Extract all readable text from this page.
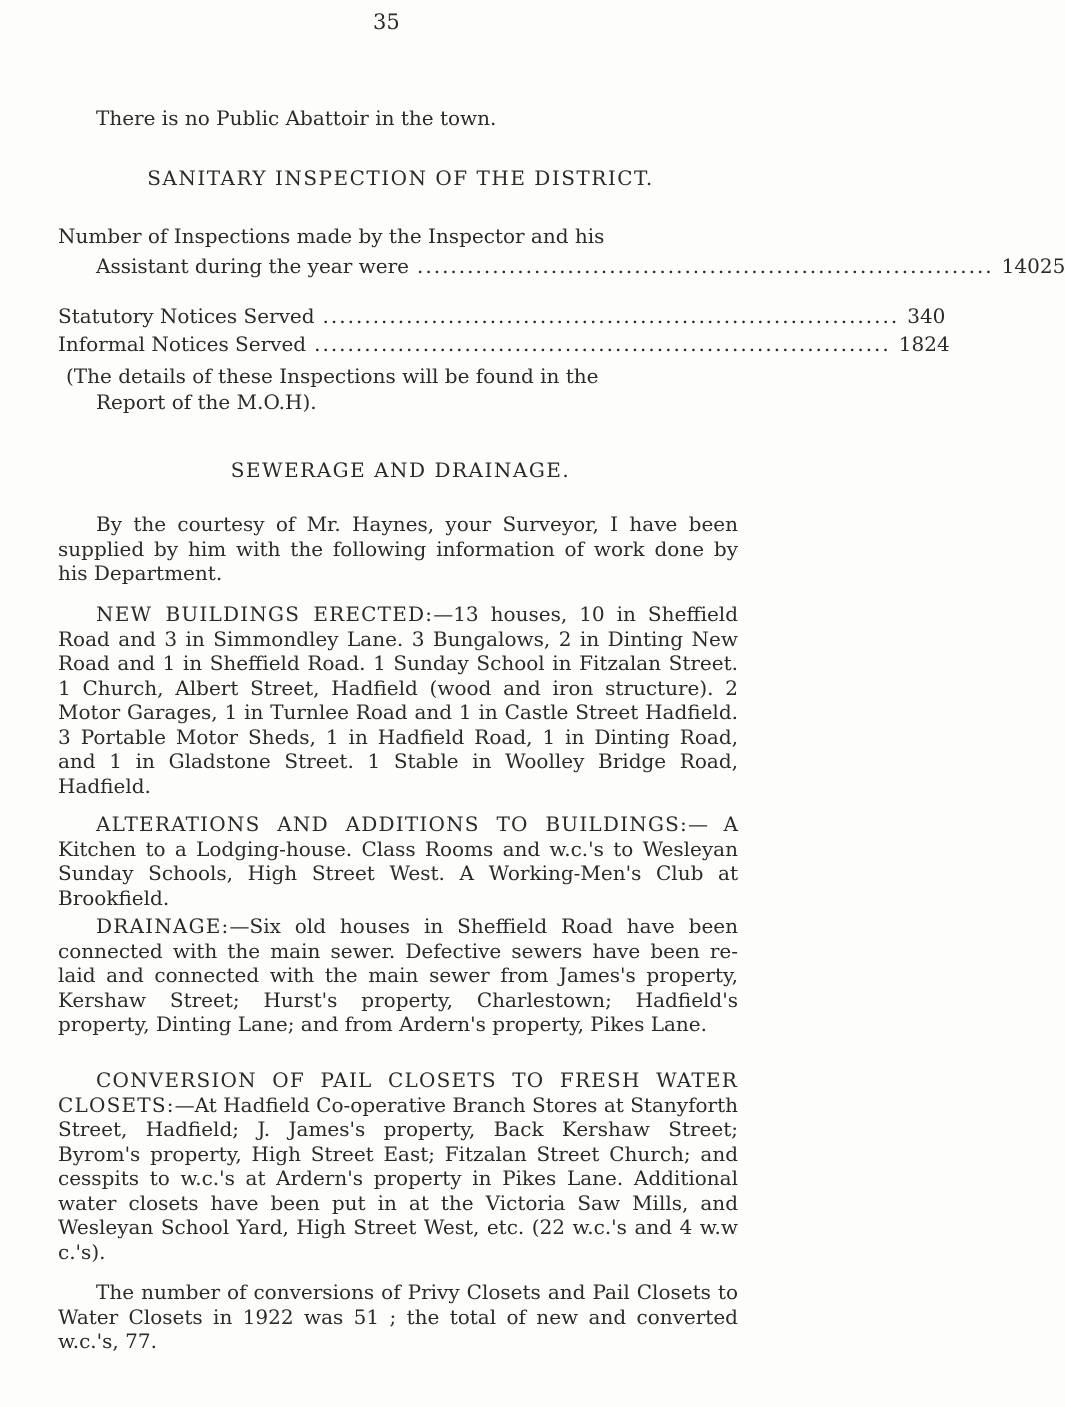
35
There is no Public Abattoir in the town.
SANITARY INSPECTION OF THE DISTRICT.
Number of Inspections made by the Inspector and his
Assistant during the year were ..................................................................... 14025
Statutory Notices Served ..................................................................... 340
Informal Notices Served ..................................................................... 1824
(The details of these Inspections will be found in the
Report of the M.O.H).
SEWERAGE AND DRAINAGE.
By the courtesy of Mr. Haynes, your Surveyor, I have been supplied by him with the following information of work done by his Department.
NEW BUILDINGS ERECTED:—13 houses, 10 in Sheffield Road and 3 in Simmondley Lane. 3 Bungalows, 2 in Dinting New Road and 1 in Sheffield Road. 1 Sunday School in Fitzalan Street. 1 Church, Albert Street, Hadfield (wood and iron structure). 2 Motor Garages, 1 in Turnlee Road and 1 in Castle Street Hadfield. 3 Portable Motor Sheds, 1 in Hadfield Road, 1 in Dinting Road, and 1 in Gladstone Street. 1 Stable in Woolley Bridge Road, Hadfield.
ALTERATIONS AND ADDITIONS TO BUILDINGS:— A Kitchen to a Lodging-house. Class Rooms and w.c.'s to Wesleyan Sunday Schools, High Street West. A Working-Men's Club at Brookfield.
DRAINAGE:—Six old houses in Sheffield Road have been connected with the main sewer. Defective sewers have been re-laid and connected with the main sewer from James's property, Kershaw Street; Hurst's property, Charlestown; Hadfield's property, Dinting Lane; and from Ardern's property, Pikes Lane.
CONVERSION OF PAIL CLOSETS TO FRESH WATER CLOSETS:—At Hadfield Co-operative Branch Stores at Stanyforth Street, Hadfield; J. James's property, Back Kershaw Street; Byrom's property, High Street East; Fitzalan Street Church; and cesspits to w.c.'s at Ardern's property in Pikes Lane. Additional water closets have been put in at the Victoria Saw Mills, and Wesleyan School Yard, High Street West, etc. (22 w.c.'s and 4 w.w c.'s).
The number of conversions of Privy Closets and Pail Closets to Water Closets in 1922 was 51 ; the total of new and converted w.c.'s, 77.
